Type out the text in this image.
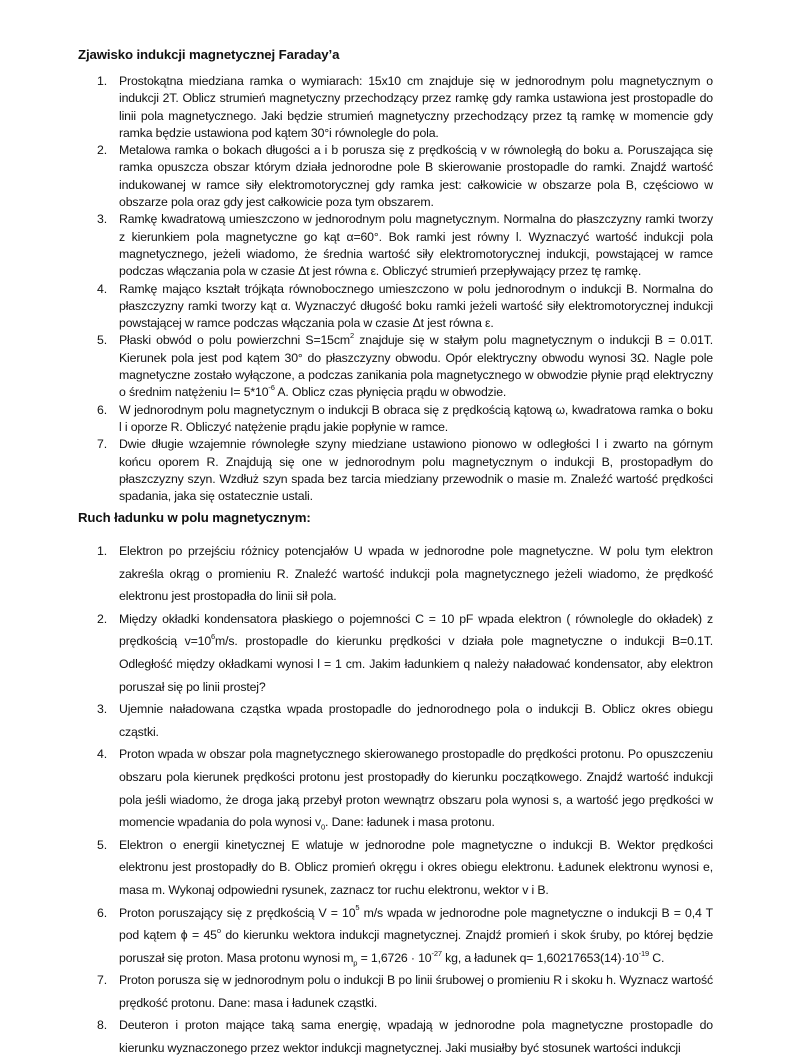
Zjawisko indukcji magnetycznej Faraday’a
1. Prostokątna miedziana ramka o wymiarach: 15x10 cm znajduje się w jednorodnym polu magnetycznym o indukcji 2T. Oblicz strumień magnetyczny przechodzący przez ramkę gdy ramka ustawiona jest prostopadle do linii pola magnetycznego. Jaki będzie strumień magnetyczny przechodzący przez tą ramkę w momencie gdy ramka będzie ustawiona pod kątem 30°i równolegle do pola.
2. Metalowa ramka o bokach długości a i b porusza się z prędkością v w równoległą do boku a. Poruszająca się ramka opuszcza obszar którym działa jednorodne pole B skierowanie prostopadle do ramki. Znajdź wartość indukowanej w ramce siły elektromotorycznej gdy ramka jest: całkowicie w obszarze pola B, częściowo w obszarze pola oraz gdy jest całkowicie poza tym obszarem.
3. Ramkę kwadratową umieszczono w jednorodnym polu magnetycznym. Normalna do płaszczyzny ramki tworzy z kierunkiem pola magnetyczne go kąt α=60°. Bok ramki jest równy l. Wyznaczyć wartość indukcji pola magnetycznego, jeżeli wiadomo, że średnia wartość siły elektromotorycznej indukcji, powstającej w ramce podczas włączania pola w czasie Δt jest równa ε. Obliczyć strumień przepływający przez tę ramkę.
4. Ramkę mająco kształt trójkąta równobocznego umieszczono w polu jednorodnym o indukcji B. Normalna do płaszczyzny ramki tworzy kąt α. Wyznaczyć długość boku ramki jeżeli wartość siły elektromotorycznej indukcji powstającej w ramce podczas włączania pola w czasie Δt jest równa ε.
5. Płaski obwód o polu powierzchni $S=15cm^2$ znajduje się w stałym polu magnetycznym o indukcji B = 0.01T. Kierunek pola jest pod kątem 30° do płaszczyzny obwodu. Opór elektryczny obwodu wynosi 3Ω. Nagle pole magnetyczne zostało wyłączone, a podczas zanikania pola magnetycznego w obwodzie płynie prąd elektryczny o średnim natężeniu $I= 5*10^{-6}$ A. Oblicz czas płynięcia prądu w obwodzie.
6. W jednorodnym polu magnetycznym o indukcji B obraca się z prędkością kątową ω, kwadratowa ramka o boku l i oporze R. Obliczyć natężenie prądu jakie popłynie w ramce.
7. Dwie długie wzajemnie równoległe szyny miedziane ustawiono pionowo w odległości l i zwarto na górnym końcu oporem R. Znajdują się one w jednorodnym polu magnetycznym o indukcji B, prostopadłym do płaszczyzny szyn. Wzdłuż szyn spada bez tarcia miedziany przewodnik o masie m. Znaleźć wartość prędkości spadania, jaka się ostatecznie ustali.
Ruch ładunku w polu magnetycznym:
1. Elektron po przejściu różnicy potencjałów U wpada w jednorodne pole magnetyczne. W polu tym elektron zakreśla okrąg o promieniu R. Znaleźć wartość indukcji pola magnetycznego jeżeli wiadomo, że prędkość elektronu jest prostopadła do linii sił pola.
2. Między okładki kondensatora płaskiego o pojemności C = 10 pF wpada elektron ( równolegle do okładek) z prędkością $v=10^6m/s$. prostopadle do kierunku prędkości v działa pole magnetyczne o indukcji B=0.1T. Odległość między okładkami wynosi l = 1 cm. Jakim ładunkiem q należy naładować kondensator, aby elektron poruszał się po linii prostej?
3. Ujemnie naładowana cząstka wpada prostopadle do jednorodnego pola o indukcji B. Oblicz okres obiegu cząstki.
4. Proton wpada w obszar pola magnetycznego skierowanego prostopadle do prędkości protonu. Po opuszczeniu obszaru pola kierunek prędkości protonu jest prostopadły do kierunku początkowego. Znajdź wartość indukcji pola jeśli wiadomo, że droga jaką przebył proton wewnątrz obszaru pola wynosi s, a wartość jego prędkości w momencie wpadania do pola wynosi $v_0$. Dane: ładunek i masa protonu.
5. Elektron o energii kinetycznej E wlatuje w jednorodne pole magnetyczne o indukcji B. Wektor prędkości elektronu jest prostopadły do B. Oblicz promień okręgu i okres obiegu elektronu. Ładunek elektronu wynosi e, masa m. Wykonaj odpowiedni rysunek, zaznacz tor ruchu elektronu, wektor v i B.
6. Proton poruszający się z prędkością $V = 10^5$ m/s wpada w jednorodne pole magnetyczne o indukcji B = 0,4 T pod kątem $\phi = 45^o$ do kierunku wektora indukcji magnetycznej. Znajdź promień i skok śruby, po której będzie poruszał się proton. Masa protonu wynosi $m_p = 1,6726 \cdot 10^{-27}$ kg, a ładunek $q= 1,60217653(14)\cdot 10^{-19}$ C.
7. Proton porusza się w jednorodnym polu o indukcji B po linii śrubowej o promieniu R i skoku h. Wyznacz wartość prędkość protonu. Dane: masa i ładunek cząstki.
8. Deuteron i proton mające taką sama energię, wpadają w jednorodne pola magnetyczne prostopadle do kierunku wyznaczonego przez wektor indukcji magnetycznej. Jaki musiałby być stosunek wartości indukcji
